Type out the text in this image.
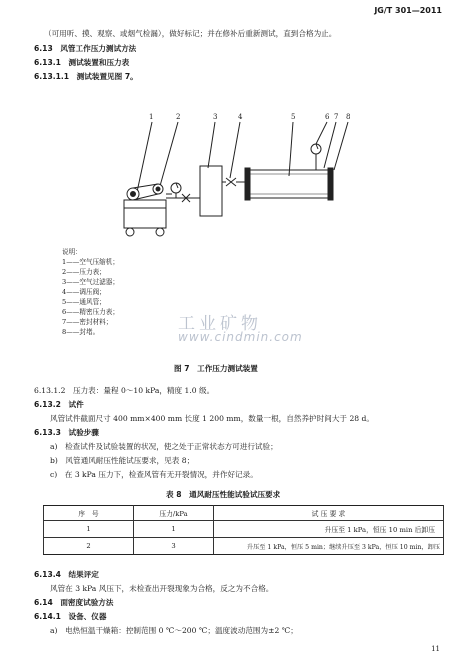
JG/T 301—2011
（可用听、摸、观察、或烟气检漏），做好标记；并在修补后重新测试，直到合格为止。
6.13　风管工作压力测试方法
6.13.1　测试装置和压力表
6.13.1.1　测试装置见图 7。
1	2	3	4	5	6 7 8
说明：
1——空气压缩机；
2——压力表；
3——空气过滤器；
4——调压阀；
5——通风管；
6——精密压力表；
7——密封材料；
8——封堵。	工业矿物
www.cindmin.com
图 7　工作压力测试装置
6.13.1.2　压力表：量程 0～10 kPa，精度 1.0 级。
6.13.2　试件
风管试件截面尺寸 400 mm×400 mm 长度 1 200 mm，数量一根，自然养护时间大于 28 d。
6.13.3　试验步骤
a)　检查试件及试验装置的状况，使之处于正常状态方可进行试验；
b)　风管通风耐压性能试压要求，见表 8；
c)　在 3 kPa 压力下，检查风管有无开裂情况，并作好记录。
表 8　通风耐压性能试验试压要求
序　号	压力/kPa	试 压 要 求
1	1	升压至 1 kPa，恒压 10 min 后卸压
2	3	升压至 1 kPa，恒压 5 min；继续升压至 3 kPa，恒压 10 min，卸压
6.13.4　结果评定
风管在 3 kPa 风压下，未检查出开裂现象为合格，反之为不合格。
6.14　面密度试验方法
6.14.1　设备、仪器
a)　电热恒温干燥箱：控制范围 0 ℃～200 ℃；温度波动范围为±2 ℃；
11
